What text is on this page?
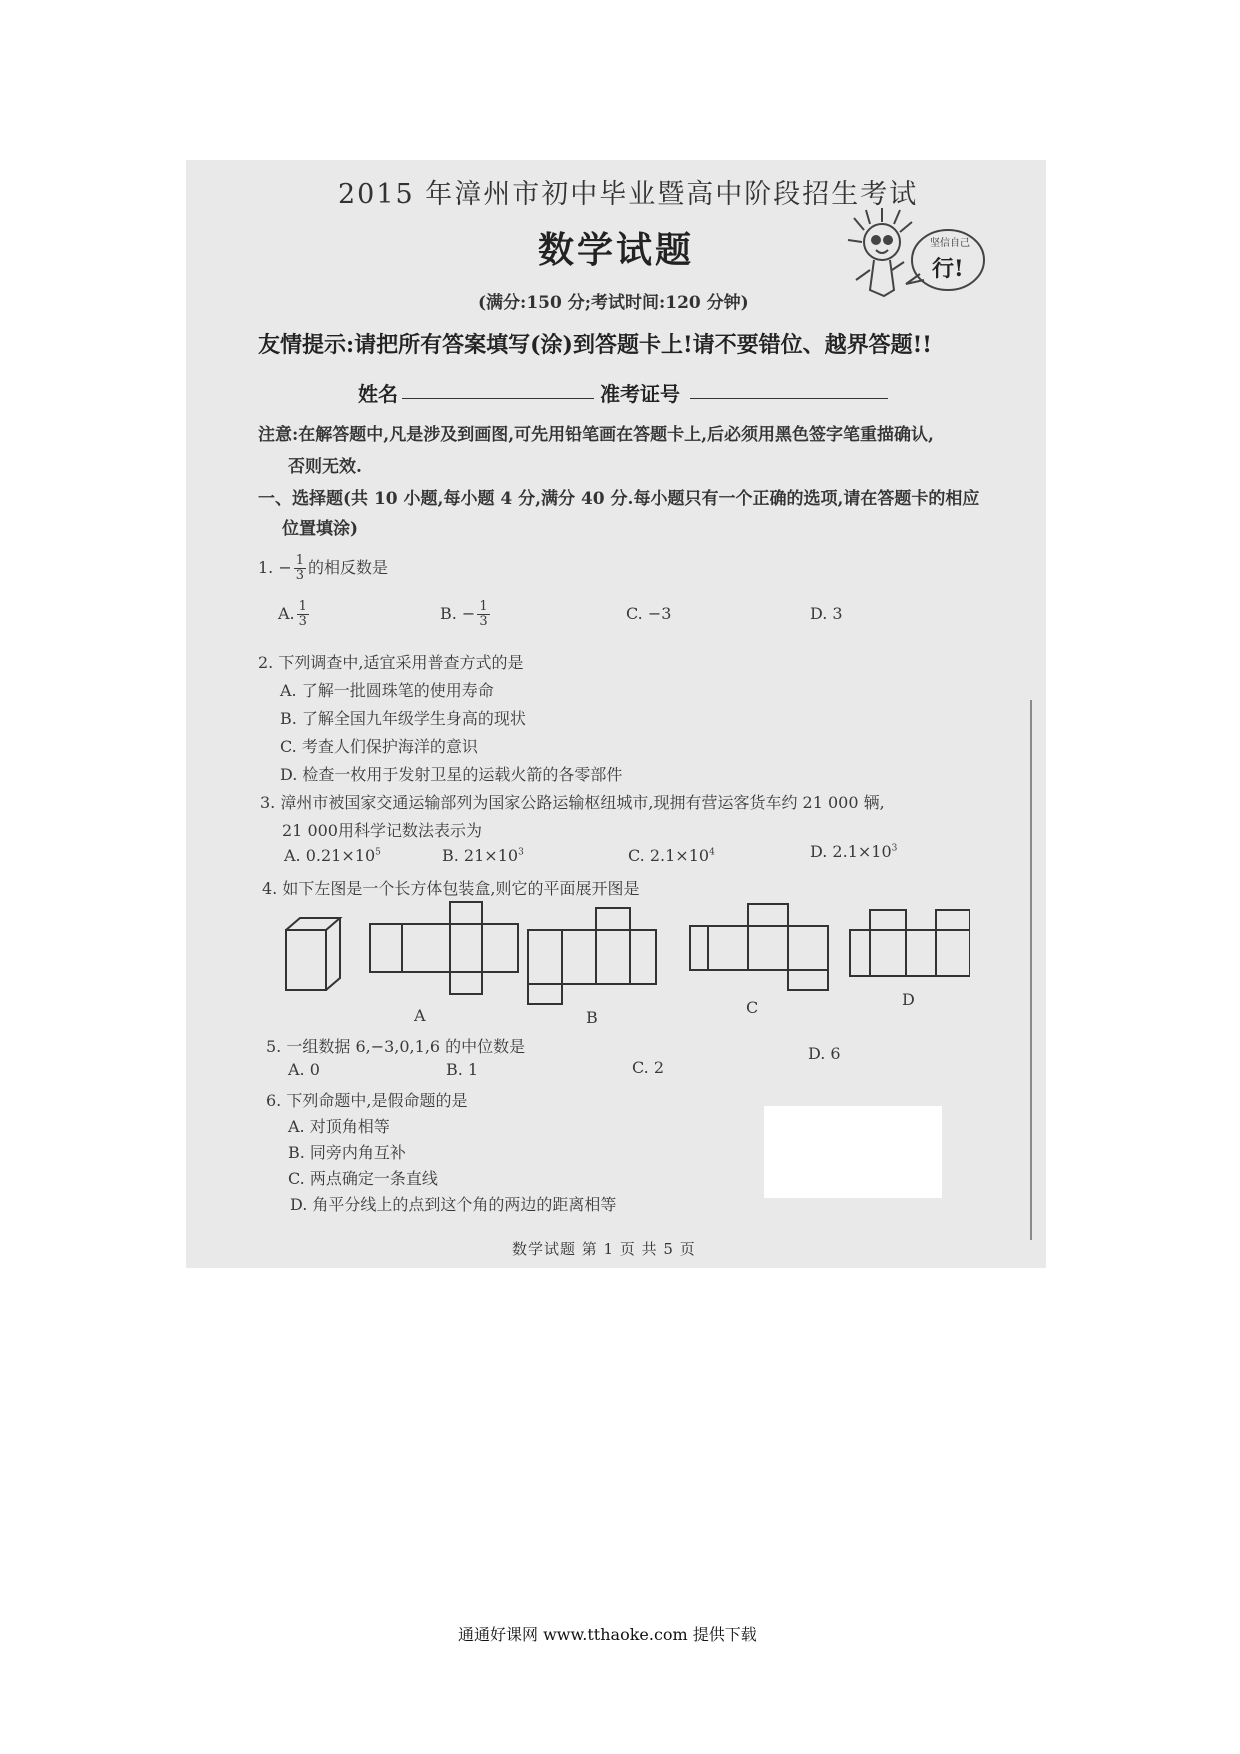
2015 年漳州市初中毕业暨高中阶段招生考试
数学试题
(满分:150 分;考试时间:120 分钟)
坚信自己
行!
友情提示:请把所有答案填写(涂)到答题卡上!请不要错位、越界答题!!
姓名	准考证号
注意:在解答题中,凡是涉及到画图,可先用铅笔画在答题卡上,后必须用黑色签字笔重描确认,
否则无效.
一、选择题(共 10 小题,每小题 4 分,满分 40 分.每小题只有一个正确的选项,请在答题卡的相应
位置填涂)
1. − $\frac{1}{3}$ 的相反数是
A. $\frac{1}{3}$	B. − $\frac{1}{3}$	C. −3	D. 3
2. 下列调查中,适宜采用普查方式的是
A. 了解一批圆珠笔的使用寿命
B. 了解全国九年级学生身高的现状
C. 考查人们保护海洋的意识
D. 检查一枚用于发射卫星的运载火箭的各零部件
3. 漳州市被国家交通运输部列为国家公路运输枢纽城市,现拥有营运客货车约 21 000 辆,
21 000用科学记数法表示为
A. $0.21\times 10^5$	B. $21\times 10^3$	C. $2.1\times 10^4$	D. $2.1\times 10^3$
4. 如下左图是一个长方体包装盒,则它的平面展开图是
A	B
C	D
5. 一组数据 6,−3,0,1,6 的中位数是
A. 0	B. 1	C. 2
D. 6
6. 下列命题中,是假命题的是
A. 对顶角相等
B. 同旁内角互补
C. 两点确定一条直线
D. 角平分线上的点到这个角的两边的距离相等
数学试题 第 1 页 共 5 页
通通好课网 www.tthaoke.com 提供下载
